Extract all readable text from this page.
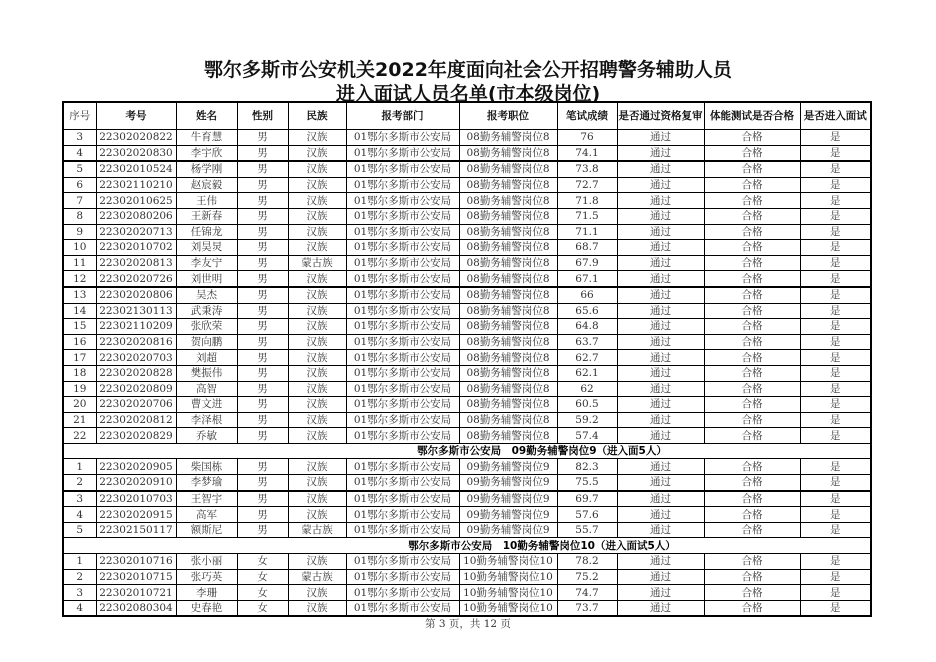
鄂尔多斯市公安机关2022年度面向社会公开招聘警务辅助人员
进入面试人员名单(市本级岗位)
序号	考号	姓名	性别	民族	报考部门	报考职位	笔试成绩	是否通过资格复审	体能测试是否合格	是否进入面试
3	22302020822	牛育慧	男	汉族	01鄂尔多斯市公安局	08勤务辅警岗位8	76	通过	合格	是
4	22302020830	李宇欣	男	汉族	01鄂尔多斯市公安局	08勤务辅警岗位8	74.1	通过	合格	是
5	22302010524	杨学刚	男	汉族	01鄂尔多斯市公安局	08勤务辅警岗位8	73.8	通过	合格	是
6	22302110210	赵宸毅	男	汉族	01鄂尔多斯市公安局	08勤务辅警岗位8	72.7	通过	合格	是
7	22302010625	王伟	男	汉族	01鄂尔多斯市公安局	08勤务辅警岗位8	71.8	通过	合格	是
8	22302080206	王新春	男	汉族	01鄂尔多斯市公安局	08勤务辅警岗位8	71.5	通过	合格	是
9	22302020713	任锦龙	男	汉族	01鄂尔多斯市公安局	08勤务辅警岗位8	71.1	通过	合格	是
10	22302010702	刘昊炅	男	汉族	01鄂尔多斯市公安局	08勤务辅警岗位8	68.7	通过	合格	是
11	22302020813	李友宁	男	蒙古族	01鄂尔多斯市公安局	08勤务辅警岗位8	67.9	通过	合格	是
12	22302020726	刘世明	男	汉族	01鄂尔多斯市公安局	08勤务辅警岗位8	67.1	通过	合格	是
13	22302020806	吴杰	男	汉族	01鄂尔多斯市公安局	08勤务辅警岗位8	66	通过	合格	是
14	22302130113	武秉涛	男	汉族	01鄂尔多斯市公安局	08勤务辅警岗位8	65.6	通过	合格	是
15	22302110209	张欣荣	男	汉族	01鄂尔多斯市公安局	08勤务辅警岗位8	64.8	通过	合格	是
16	22302020816	贺向鹏	男	汉族	01鄂尔多斯市公安局	08勤务辅警岗位8	63.7	通过	合格	是
17	22302020703	刘超	男	汉族	01鄂尔多斯市公安局	08勤务辅警岗位8	62.7	通过	合格	是
18	22302020828	樊振伟	男	汉族	01鄂尔多斯市公安局	08勤务辅警岗位8	62.1	通过	合格	是
19	22302020809	高智	男	汉族	01鄂尔多斯市公安局	08勤务辅警岗位8	62	通过	合格	是
20	22302020706	曹文进	男	汉族	01鄂尔多斯市公安局	08勤务辅警岗位8	60.5	通过	合格	是
21	22302020812	李泽根	男	汉族	01鄂尔多斯市公安局	08勤务辅警岗位8	59.2	通过	合格	是
22	22302020829	乔敏	男	汉族	01鄂尔多斯市公安局	08勤务辅警岗位8	57.4	通过	合格	是
鄂尔多斯市公安局　09勤务辅警岗位9（进入面5人）										
1	22302020905	柴国栋	男	汉族	01鄂尔多斯市公安局	09勤务辅警岗位9	82.3	通过	合格	是
2	22302020910	李梦瑜	男	汉族	01鄂尔多斯市公安局	09勤务辅警岗位9	75.5	通过	合格	是
3	22302010703	王智宇	男	汉族	01鄂尔多斯市公安局	09勤务辅警岗位9	69.7	通过	合格	是
4	22302020915	高军	男	汉族	01鄂尔多斯市公安局	09勤务辅警岗位9	57.6	通过	合格	是
5	22302150117	额斯尼	男	蒙古族	01鄂尔多斯市公安局	09勤务辅警岗位9	55.7	通过	合格	是
鄂尔多斯市公安局　10勤务辅警岗位10（进入面试5人）										
1	22302010716	张小丽	女	汉族	01鄂尔多斯市公安局	10勤务辅警岗位10	78.2	通过	合格	是
2	22302010715	张巧英	女	蒙古族	01鄂尔多斯市公安局	10勤务辅警岗位10	75.2	通过	合格	是
3	22302010721	李珊	女	汉族	01鄂尔多斯市公安局	10勤务辅警岗位10	74.7	通过	合格	是
4	22302080304	史春艳	女	汉族	01鄂尔多斯市公安局	10勤务辅警岗位10	73.7	通过	合格	是
第 3 页，共 12 页
